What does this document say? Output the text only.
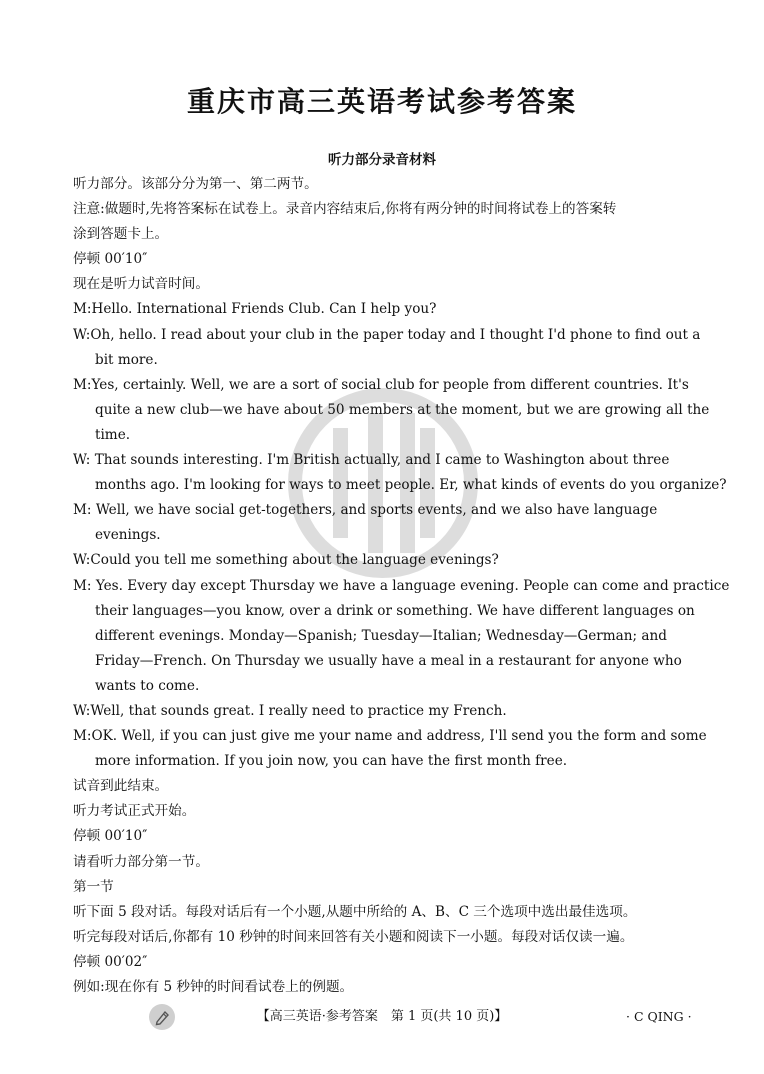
重庆市高三英语考试参考答案
听力部分录音材料
听力部分。该部分分为第一、第二两节。
注意:做题时,先将答案标在试卷上。录音内容结束后,你将有两分钟的时间将试卷上的答案转
涂到答题卡上。
停顿 00′10″
现在是听力试音时间。
M:Hello. International Friends Club. Can I help you?
W:Oh, hello. I read about your club in the paper today and I thought I'd phone to find out a
bit more.
M:Yes, certainly. Well, we are a sort of social club for people from different countries. It's
quite a new club—we have about 50 members at the moment, but we are growing all the
time.
W: That sounds interesting. I'm British actually, and I came to Washington about three
months ago. I'm looking for ways to meet people. Er, what kinds of events do you organize?
M: Well, we have social get-togethers, and sports events, and we also have language
evenings.
W:Could you tell me something about the language evenings?
M: Yes. Every day except Thursday we have a language evening. People can come and practice
their languages—you know, over a drink or something. We have different languages on
different evenings. Monday—Spanish; Tuesday—Italian; Wednesday—German; and
Friday—French. On Thursday we usually have a meal in a restaurant for anyone who
wants to come.
W:Well, that sounds great. I really need to practice my French.
M:OK. Well, if you can just give me your name and address, I'll send you the form and some
more information. If you join now, you can have the first month free.
试音到此结束。
听力考试正式开始。
停顿 00′10″
请看听力部分第一节。
第一节
听下面 5 段对话。每段对话后有一个小题,从题中所给的 A、B、C 三个选项中选出最佳选项。
听完每段对话后,你都有 10 秒钟的时间来回答有关小题和阅读下一小题。每段对话仅读一遍。
停顿 00′02″
例如:现在你有 5 秒钟的时间看试卷上的例题。
【高三英语·参考答案　第 1 页(共 10 页)】	· C QING ·
